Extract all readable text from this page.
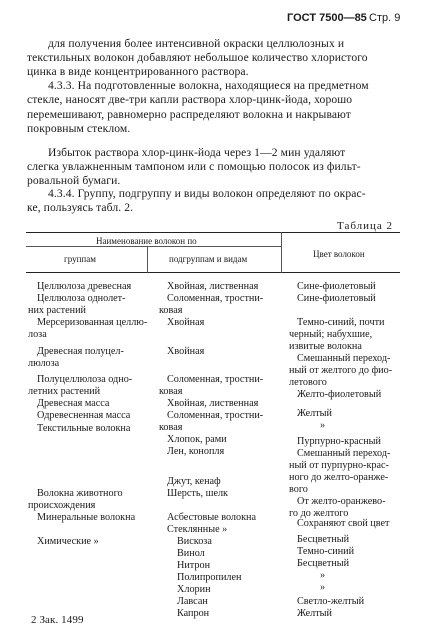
ГОСТ 7500—85 Стр. 9
для получения более интенсивной окраски целлюлозных и
текстильных волокон добавляют небольшое количество хлористого
цинка в виде концентрированного раствора.
4.3.3. На подготовленные волокна, находящиеся на предметном
стекле, наносят две-три капли раствора хлор-цинк-йода, хорошо
перемешивают, равномерно распределяют волокна и накрывают
покровным стеклом.
Избыток раствора хлор-цинк-йода через 1—2 мин удаляют
слегка увлажненным тампоном или с помощью полосок из фильт-
ровальной бумаги.
4.3.4. Группу, подгруппу и виды волокон определяют по окрас-
ке, пользуясь табл. 2.
Таблица 2
Наименование волокон по
группам	подгруппам и видам	Цвет волокон
Целлюлоза древесная
Целлюлоза однолет-
них растений
Мерсеризованная целлю-
лоза
Древесная полуцел-
люлоза
Полуцеллюлоза одно-
летних растений
Древесная масса
Одревесненная масса
Текстильные волокна
Волокна животного
происхождения
Минеральные волокна
Химические »
Хвойная, лиственная
Соломенная, тростни-
ковая
Хвойная
Хвойная
Соломенная, тростни-
ковая
Хвойная, лиственная
Соломенная, тростни-
ковая
Хлопок, рами
Лен, конопля
Джут, кенаф
Шерсть, шелк
Асбестовые волокна
Стеклянные »
Вискоза
Винол
Нитрон
Полипропилен
Хлорин
Лавсан
Капрон
Сине-фиолетовый
Сине-фиолетовый
Темно-синий, почти
черный; набухшие,
извитые волокна
Смешанный переход-
ный от желтого до фио-
летового
Желто-фиолетовый
Желтый
»
Пурпурно-красный
Смешанный переход-
ный от пурпурно-крас-
ного до желто-оранже-
вого
От желто-оранжево-
го до желтого
Сохраняют свой цвет
Бесцветный
Темно-синий
Бесцветный
»
»
Светло-желтый
Желтый
2 Зак. 1499
